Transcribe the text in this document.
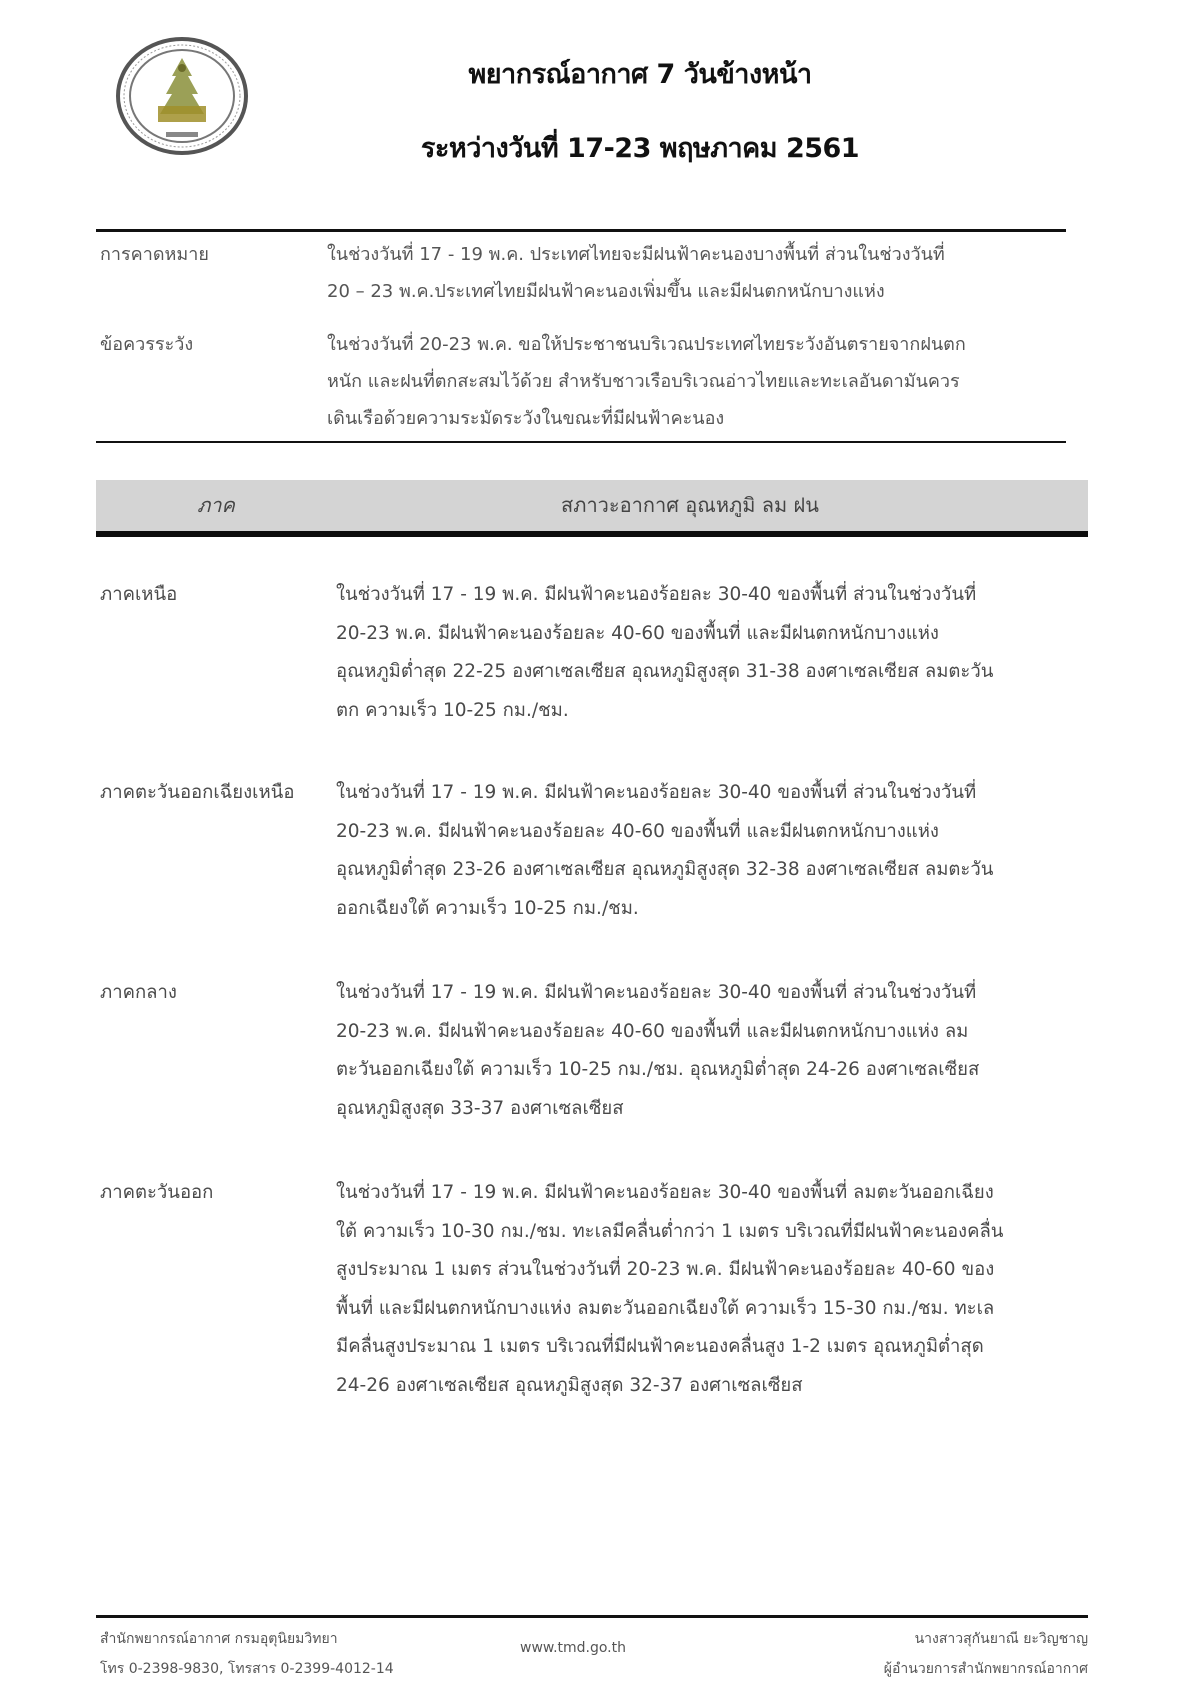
พยากรณ์อากาศ 7 วันข้างหน้า
ระหว่างวันที่ 17-23 พฤษภาคม 2561
การคาดหมาย	ในช่วงวันที่ 17 - 19 พ.ค. ประเทศไทยจะมีฝนฟ้าคะนองบางพื้นที่ ส่วนในช่วงวันที่
20 – 23 พ.ค.ประเทศไทยมีฝนฟ้าคะนองเพิ่มขึ้น และมีฝนตกหนักบางแห่ง
ข้อควรระวัง	ในช่วงวันที่ 20-23 พ.ค. ขอให้ประชาชนบริเวณประเทศไทยระวังอันตรายจากฝนตก
หนัก และฝนที่ตกสะสมไว้ด้วย สำหรับชาวเรือบริเวณอ่าวไทยและทะเลอันดามันควร
เดินเรือด้วยความระมัดระวังในขณะที่มีฝนฟ้าคะนอง
ภาค	สภาวะอากาศ อุณหภูมิ ลม ฝน
ภาคเหนือ	ในช่วงวันที่ 17 - 19 พ.ค. มีฝนฟ้าคะนองร้อยละ 30-40 ของพื้นที่ ส่วนในช่วงวันที่
20-23 พ.ค. มีฝนฟ้าคะนองร้อยละ 40-60 ของพื้นที่ และมีฝนตกหนักบางแห่ง
อุณหภูมิต่ำสุด 22-25 องศาเซลเซียส อุณหภูมิสูงสุด 31-38 องศาเซลเซียส ลมตะวัน
ตก ความเร็ว 10-25 กม./ชม.
ภาคตะวันออกเฉียงเหนือ	ในช่วงวันที่ 17 - 19 พ.ค. มีฝนฟ้าคะนองร้อยละ 30-40 ของพื้นที่ ส่วนในช่วงวันที่
20-23 พ.ค. มีฝนฟ้าคะนองร้อยละ 40-60 ของพื้นที่ และมีฝนตกหนักบางแห่ง
อุณหภูมิต่ำสุด 23-26 องศาเซลเซียส อุณหภูมิสูงสุด 32-38 องศาเซลเซียส ลมตะวัน
ออกเฉียงใต้ ความเร็ว 10-25 กม./ชม.
ภาคกลาง	ในช่วงวันที่ 17 - 19 พ.ค. มีฝนฟ้าคะนองร้อยละ 30-40 ของพื้นที่ ส่วนในช่วงวันที่
20-23 พ.ค. มีฝนฟ้าคะนองร้อยละ 40-60 ของพื้นที่ และมีฝนตกหนักบางแห่ง ลม
ตะวันออกเฉียงใต้ ความเร็ว 10-25 กม./ชม. อุณหภูมิต่ำสุด 24-26 องศาเซลเซียส
อุณหภูมิสูงสุด 33-37 องศาเซลเซียส
ภาคตะวันออก	ในช่วงวันที่ 17 - 19 พ.ค. มีฝนฟ้าคะนองร้อยละ 30-40 ของพื้นที่ ลมตะวันออกเฉียง
ใต้ ความเร็ว 10-30 กม./ชม. ทะเลมีคลื่นต่ำกว่า 1 เมตร บริเวณที่มีฝนฟ้าคะนองคลื่น
สูงประมาณ 1 เมตร ส่วนในช่วงวันที่ 20-23 พ.ค. มีฝนฟ้าคะนองร้อยละ 40-60 ของ
พื้นที่ และมีฝนตกหนักบางแห่ง ลมตะวันออกเฉียงใต้ ความเร็ว 15-30 กม./ชม. ทะเล
มีคลื่นสูงประมาณ 1 เมตร บริเวณที่มีฝนฟ้าคะนองคลื่นสูง 1-2 เมตร อุณหภูมิต่ำสุด
24-26 องศาเซลเซียส อุณหภูมิสูงสุด 32-37 องศาเซลเซียส
สำนักพยากรณ์อากาศ กรมอุตุนิยมวิทยา
โทร 0-2398-9830, โทรสาร 0-2399-4012-14
www.tmd.go.th
นางสาวสุกันยาณี ยะวิญชาญ
ผู้อำนวยการสำนักพยากรณ์อากาศ
